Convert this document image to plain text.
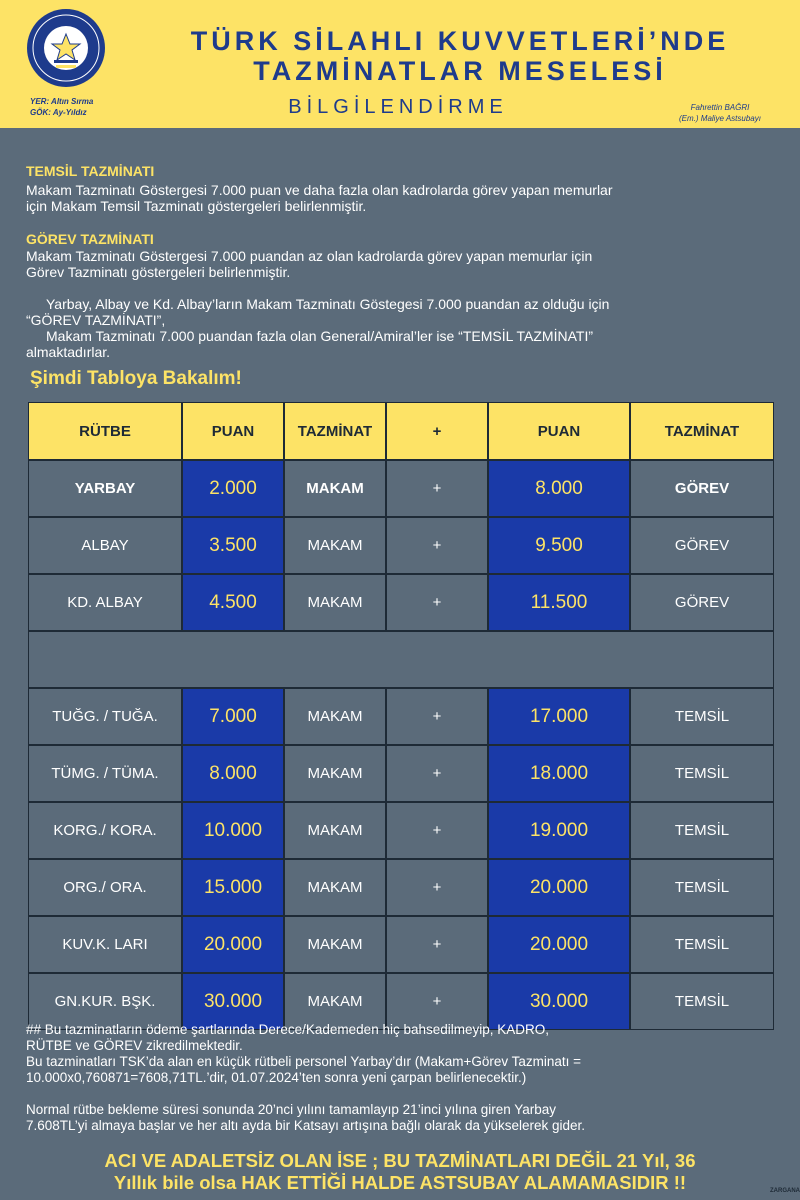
YER: Altın Sırma
GÖK: Ay-Yıldız
TÜRK SİLAHLI KUVVETLERİ’NDE
TAZMİNATLAR MESELESİ
BİLGİLENDİRME	Fahrettin BAĞRI
(Em.) Maliye Astsubayı
TEMSİL TAZMİNATI
Makam Tazminatı Göstergesi 7.000 puan ve daha fazla olan kadrolarda görev yapan memurlar
için Makam Temsil Tazminatı göstergeleri belirlenmiştir.
GÖREV TAZMİNATI
Makam Tazminatı Göstergesi 7.000 puandan az olan kadrolarda görev yapan memurlar için
Görev Tazminatı göstergeleri belirlenmiştir.
Yarbay, Albay ve Kd. Albay’ların Makam Tazminatı Göstegesi 7.000 puandan az olduğu için
“GÖREV TAZMİNATI”,
Makam Tazminatı 7.000 puandan fazla olan General/Amiral’ler ise “TEMSİL TAZMİNATI”
almaktadırlar.
Şimdi Tabloya Bakalım!
RÜTBE	PUAN	TAZMİNAT	+	PUAN	TAZMİNAT
YARBAY	2.000	MAKAM	+	8.000	GÖREV
ALBAY	3.500	MAKAM	+	9.500	GÖREV
KD. ALBAY	4.500	MAKAM	+	11.500	GÖREV
TUĞG. / TUĞA.	7.000	MAKAM	+	17.000	TEMSİL
TÜMG. / TÜMA.	8.000	MAKAM	+	18.000	TEMSİL
KORG./ KORA.	10.000	MAKAM	+	19.000	TEMSİL
ORG./ ORA.	15.000	MAKAM	+	20.000	TEMSİL
KUV.K. LARI	20.000	MAKAM	+	20.000	TEMSİL
GN.KUR. BŞK.	30.000	MAKAM	+	30.000	TEMSİL
## Bu tazminatların ödeme şartlarında Derece/Kademeden hiç bahsedilmeyip, KADRO,
RÜTBE ve GÖREV zikredilmektedir.
Bu tazminatları TSK’da alan en küçük rütbeli personel Yarbay’dır (Makam+Görev Tazminatı =
10.000x0,760871=7608,71TL.’dir, 01.07.2024’ten sonra yeni çarpan belirlenecektir.)
Normal rütbe bekleme süresi sonunda 20’nci yılını tamamlayıp 21’inci yılına giren Yarbay
7.608TL’yi almaya başlar ve her altı ayda bir Katsayı artışına bağlı olarak da yükselerek gider.
ACI VE ADALETSİZ OLAN İSE ; BU TAZMİNATLARI DEĞİL 21 Yıl, 36
Yıllık bile olsa HAK ETTİĞİ HALDE ASTSUBAY ALAMAMASIDIR !!	ZARGANA
